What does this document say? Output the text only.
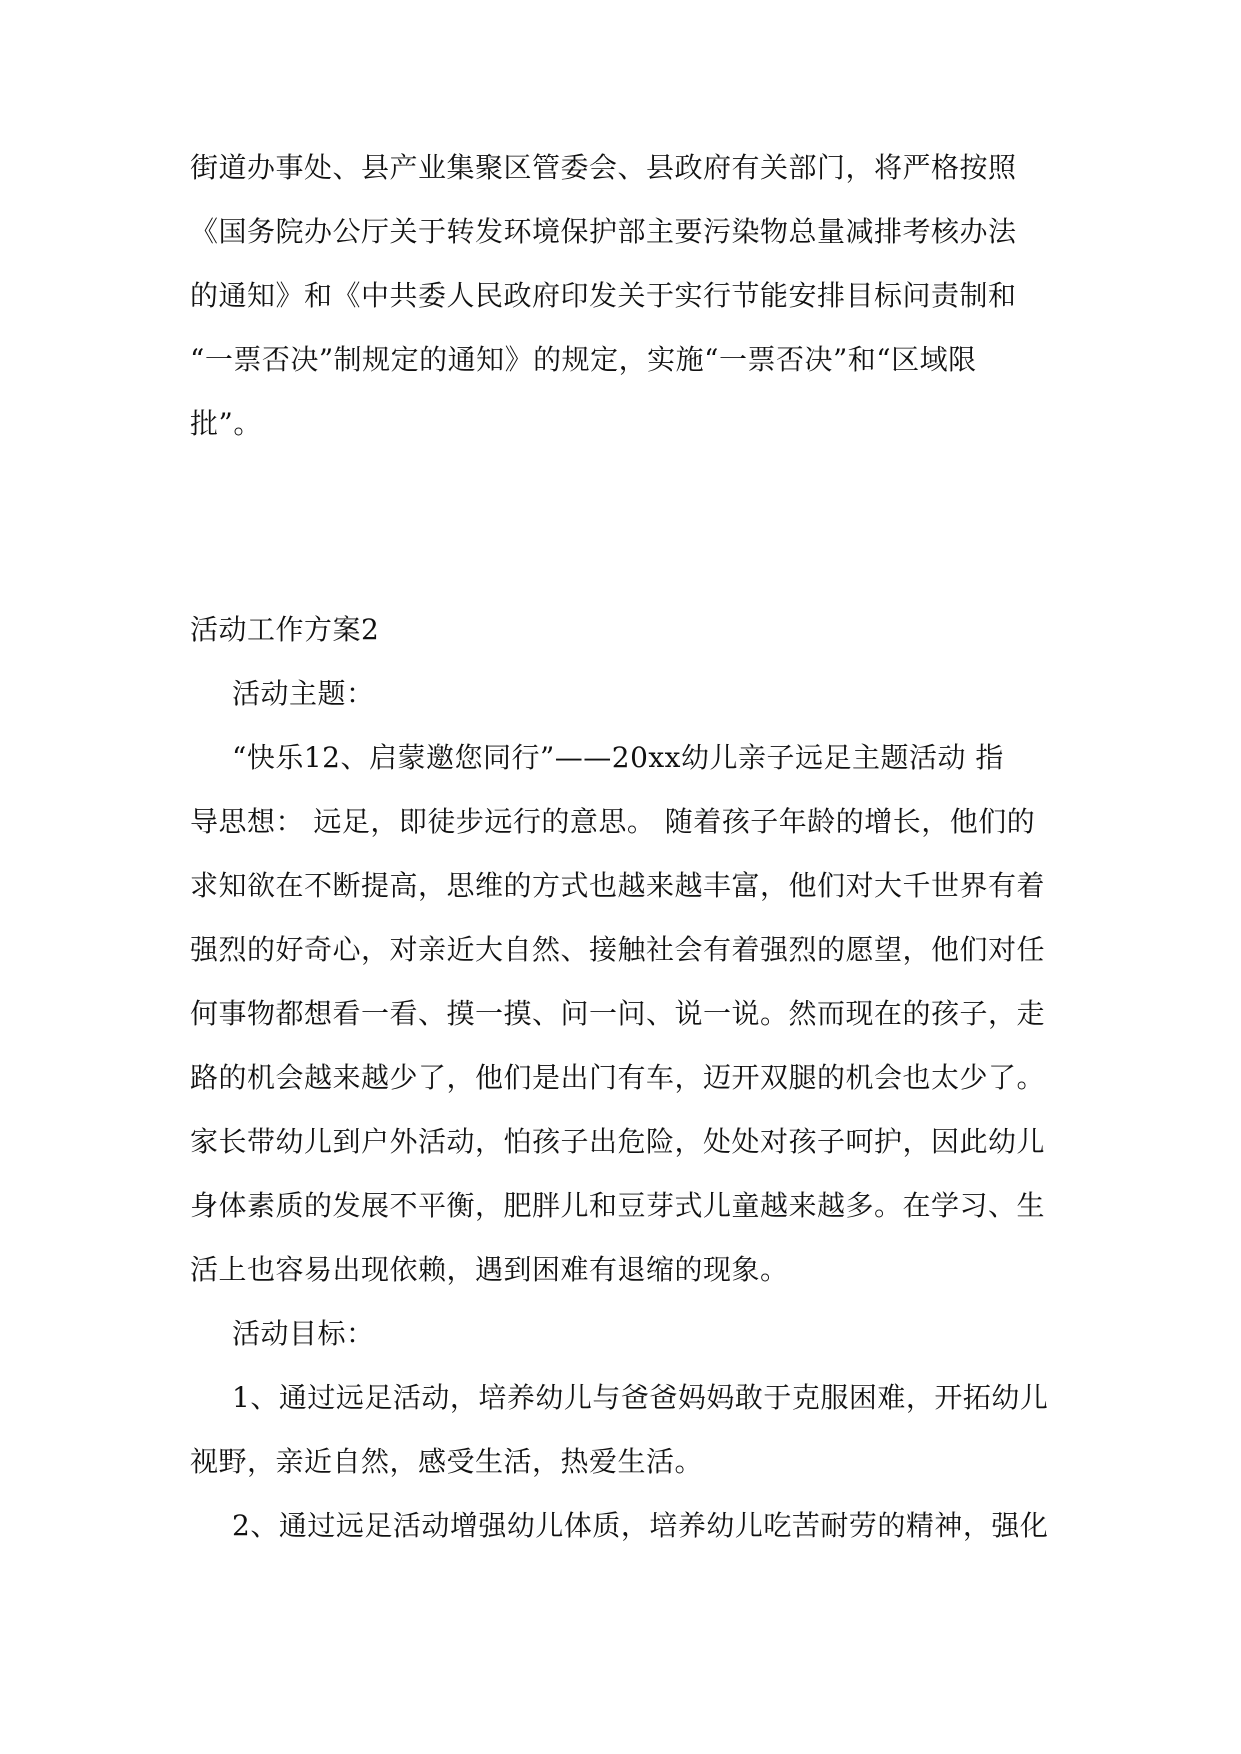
街道办事处、县产业集聚区管委会、县政府有关部门，将严格按照
《国务院办公厅关于转发环境保护部主要污染物总量减排考核办法
的通知》和《中共委人民政府印发关于实行节能安排目标问责制和
“一票否决”制规定的通知》的规定，实施“一票否决”和“区域限
批”。
活动工作方案2
活动主题：
“快乐12、启蒙邀您同行”——20xx幼儿亲子远足主题活动 指
导思想： 远足，即徒步远行的意思。 随着孩子年龄的增长，他们的
求知欲在不断提高，思维的方式也越来越丰富，他们对大千世界有着
强烈的好奇心，对亲近大自然、接触社会有着强烈的愿望，他们对任
何事物都想看一看、摸一摸、问一问、说一说。然而现在的孩子，走
路的机会越来越少了，他们是出门有车，迈开双腿的机会也太少了。
家长带幼儿到户外活动，怕孩子出危险，处处对孩子呵护，因此幼儿
身体素质的发展不平衡，肥胖儿和豆芽式儿童越来越多。在学习、生
活上也容易出现依赖，遇到困难有退缩的现象。
活动目标：
1、通过远足活动，培养幼儿与爸爸妈妈敢于克服困难，开拓幼儿
视野，亲近自然，感受生活，热爱生活。
2、通过远足活动增强幼儿体质，培养幼儿吃苦耐劳的精神，强化
